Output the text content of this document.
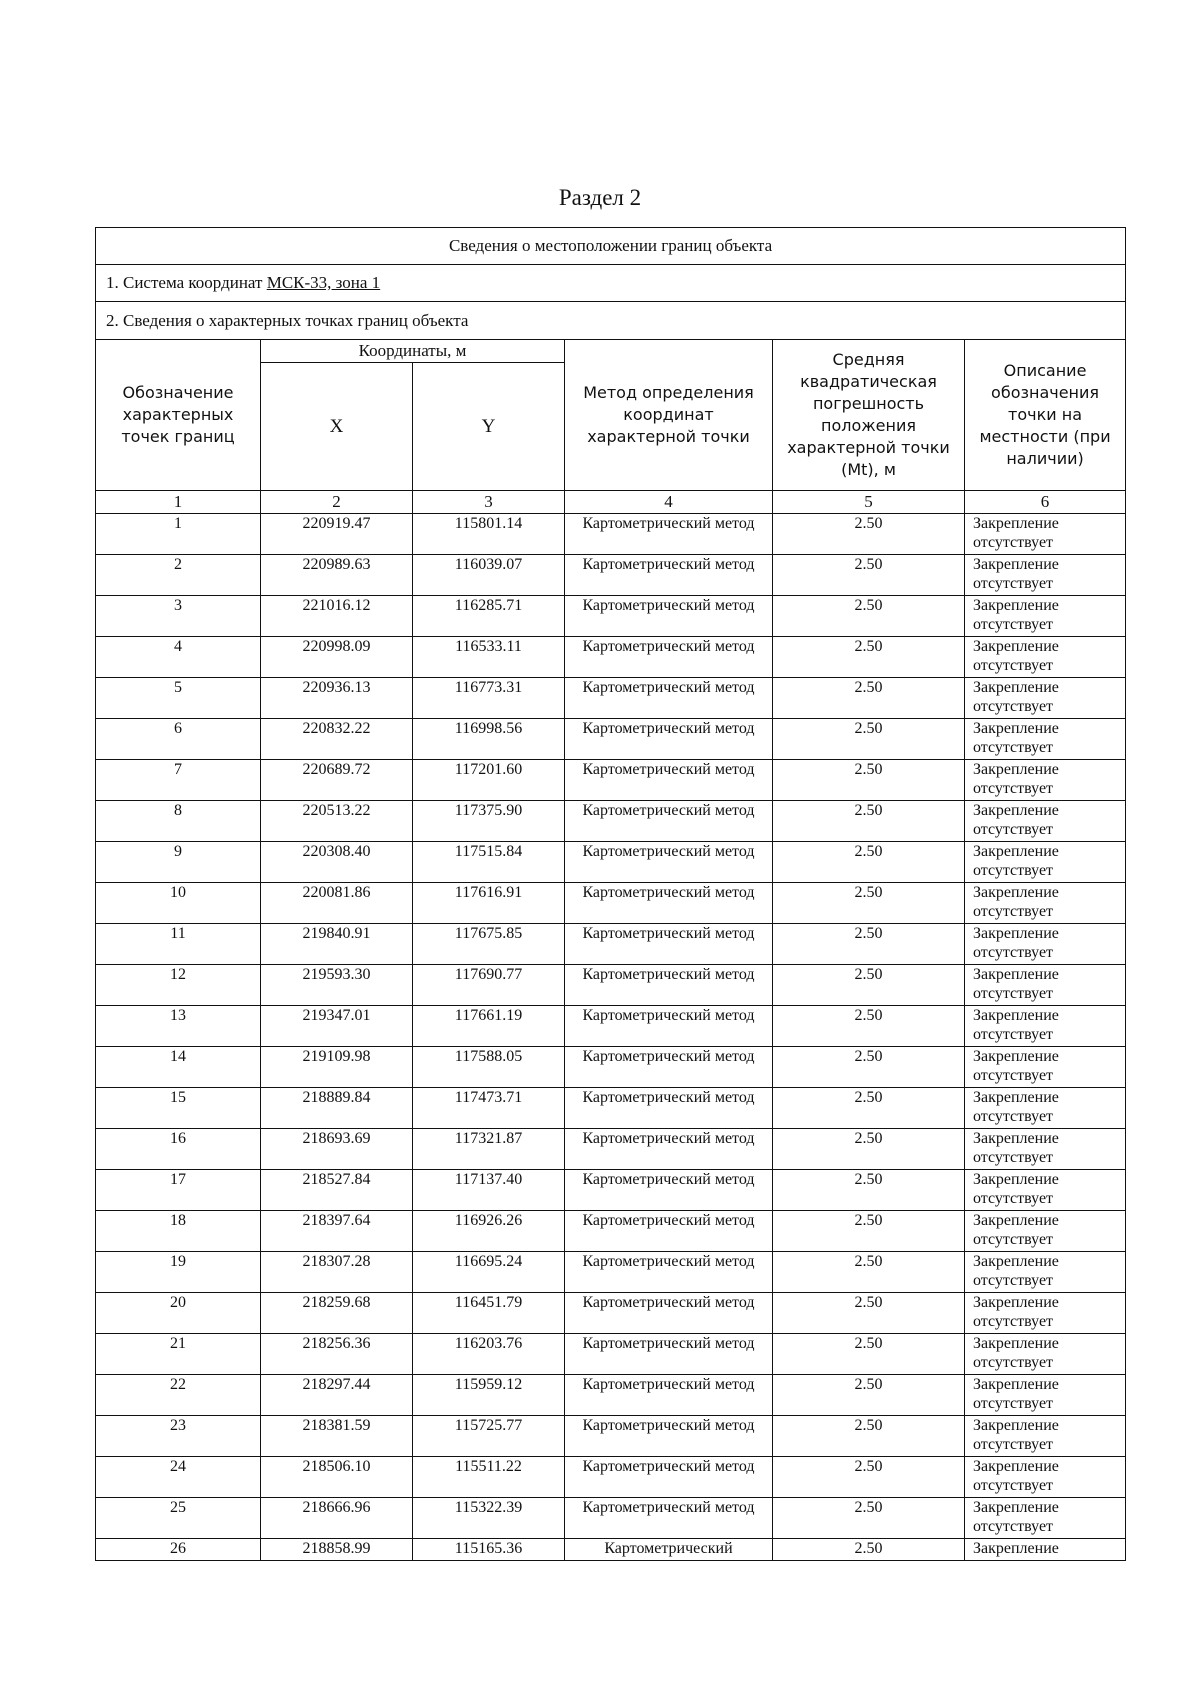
Раздел 2
Сведения о местоположении границ объекта					
1. Система координат МСК-33, зона 1					
2. Сведения о характерных точках границ объекта					
Обозначение характерных точек границ	Координаты, м		Метод определения координат характерной точки	Средняя квадратическая погрешность положения характерной точки (Mt), м	Описание обозначения точки на местности (при наличии)
	X	Y			
1	2	3	4	5	6
1	220919.47	115801.14	Картометрический метод	2.50	Закрепление отсутствует
2	220989.63	116039.07	Картометрический метод	2.50	Закрепление отсутствует
3	221016.12	116285.71	Картометрический метод	2.50	Закрепление отсутствует
4	220998.09	116533.11	Картометрический метод	2.50	Закрепление отсутствует
5	220936.13	116773.31	Картометрический метод	2.50	Закрепление отсутствует
6	220832.22	116998.56	Картометрический метод	2.50	Закрепление отсутствует
7	220689.72	117201.60	Картометрический метод	2.50	Закрепление отсутствует
8	220513.22	117375.90	Картометрический метод	2.50	Закрепление отсутствует
9	220308.40	117515.84	Картометрический метод	2.50	Закрепление отсутствует
10	220081.86	117616.91	Картометрический метод	2.50	Закрепление отсутствует
11	219840.91	117675.85	Картометрический метод	2.50	Закрепление отсутствует
12	219593.30	117690.77	Картометрический метод	2.50	Закрепление отсутствует
13	219347.01	117661.19	Картометрический метод	2.50	Закрепление отсутствует
14	219109.98	117588.05	Картометрический метод	2.50	Закрепление отсутствует
15	218889.84	117473.71	Картометрический метод	2.50	Закрепление отсутствует
16	218693.69	117321.87	Картометрический метод	2.50	Закрепление отсутствует
17	218527.84	117137.40	Картометрический метод	2.50	Закрепление отсутствует
18	218397.64	116926.26	Картометрический метод	2.50	Закрепление отсутствует
19	218307.28	116695.24	Картометрический метод	2.50	Закрепление отсутствует
20	218259.68	116451.79	Картометрический метод	2.50	Закрепление отсутствует
21	218256.36	116203.76	Картометрический метод	2.50	Закрепление отсутствует
22	218297.44	115959.12	Картометрический метод	2.50	Закрепление отсутствует
23	218381.59	115725.77	Картометрический метод	2.50	Закрепление отсутствует
24	218506.10	115511.22	Картометрический метод	2.50	Закрепление отсутствует
25	218666.96	115322.39	Картометрический метод	2.50	Закрепление отсутствует
26	218858.99	115165.36	Картометрический	2.50	Закрепление
